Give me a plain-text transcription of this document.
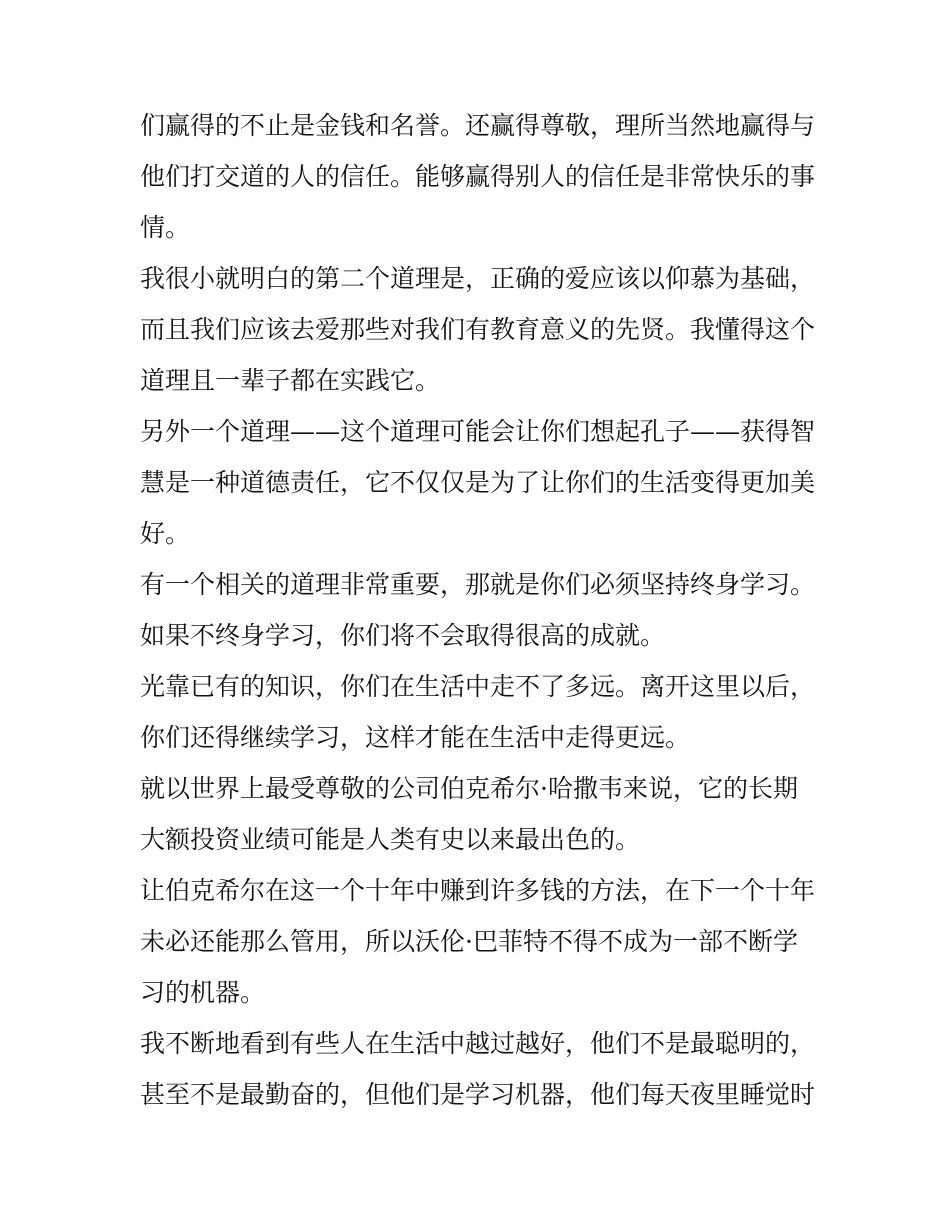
们赢得的不止是金钱和名誉。还赢得尊敬，理所当然地赢得与
他们打交道的人的信任。能够赢得别人的信任是非常快乐的事
情。
我很小就明白的第二个道理是，正确的爱应该以仰慕为基础，
而且我们应该去爱那些对我们有教育意义的先贤。我懂得这个
道理且一辈子都在实践它。
另外一个道理——这个道理可能会让你们想起孔子——获得智
慧是一种道德责任，它不仅仅是为了让你们的生活变得更加美
好。
有一个相关的道理非常重要，那就是你们必须坚持终身学习。
如果不终身学习，你们将不会取得很高的成就。
光靠已有的知识，你们在生活中走不了多远。离开这里以后，
你们还得继续学习，这样才能在生活中走得更远。
就以世界上最受尊敬的公司伯克希尔·哈撒韦来说，它的长期
大额投资业绩可能是人类有史以来最出色的。
让伯克希尔在这一个十年中赚到许多钱的方法，在下一个十年
未必还能那么管用，所以沃伦·巴菲特不得不成为一部不断学
习的机器。
我不断地看到有些人在生活中越过越好，他们不是最聪明的，
甚至不是最勤奋的，但他们是学习机器，他们每天夜里睡觉时
